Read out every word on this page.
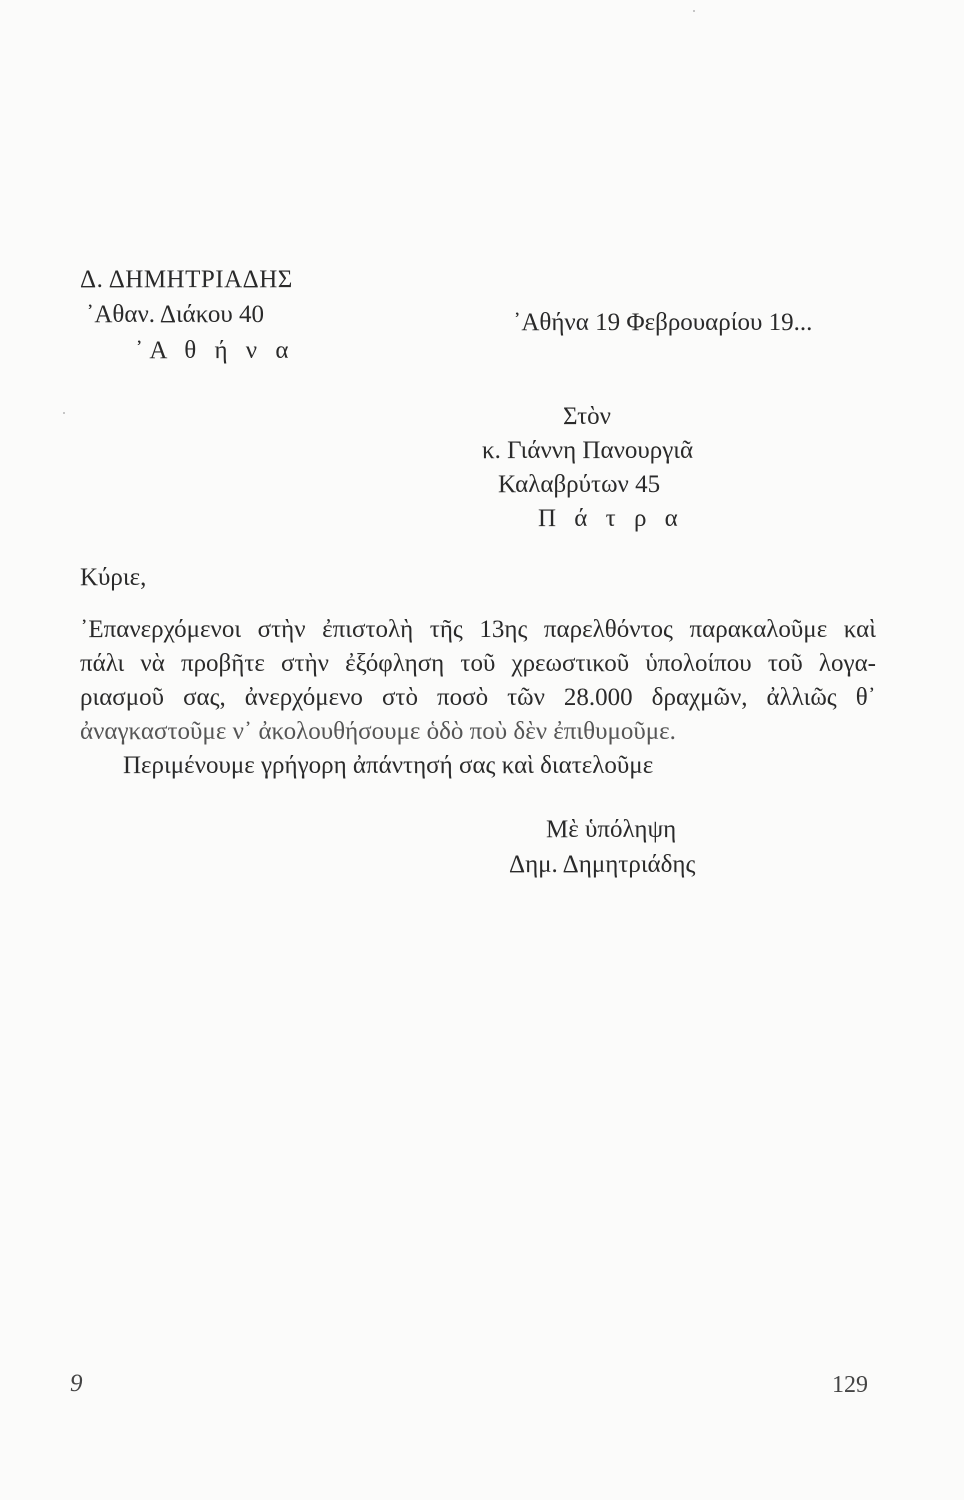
Δ. ΔΗΜΗΤΡΙΑΔΗΣ
᾿Αθαν. Διάκου 40
᾿Α θ ή ν α
᾿Αθήνα 19 Φεβρουαρίου 19...
Στὸν
κ. Γιάννη Πανουργιᾶ
Καλαβρύτων 45
Π ά τ ρ α
Κύριε,
᾿Επανερχόμενοι στὴν ἐπιστολὴ τῆς 13ης παρελθόντος παρακαλοῦμε καὶ
πάλι νὰ προβῆτε στὴν ἐξόφληση τοῦ χρεωστικοῦ ὑπολοίπου τοῦ λογα-
ριασμοῦ σας, ἀνερχόμενο στὸ ποσὸ τῶν 28.000 δραχμῶν, ἀλλιῶς θ᾿
ἀναγκαστοῦμε ν᾿ ἀκολουθήσουμε ὁδὸ ποὺ δὲν ἐπιθυμοῦμε.
Περιμένουμε γρήγορη ἀπάντησή σας καὶ διατελοῦμε
Μὲ ὑπόληψη
Δημ. Δημητριάδης
9	129
